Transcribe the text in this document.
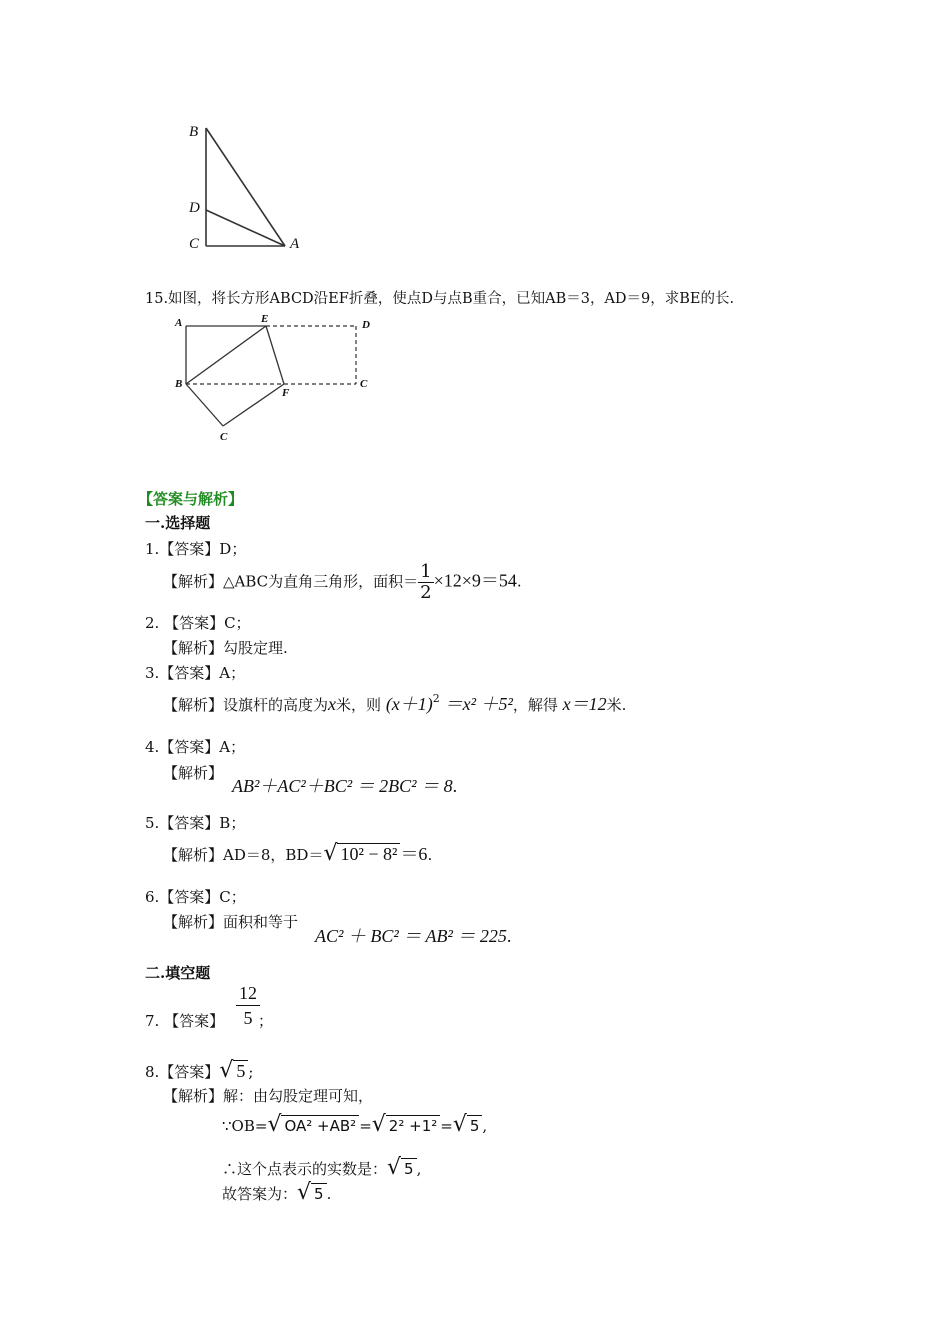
B
D
C	A
15.如图，将长方形ABCD沿EF折叠，使点D与点B重合，已知AB＝3，AD＝9，求BE的长.
A	E	D
B
F
C
C
【答案与解析】
一.选择题
1.【答案】D；
【解析】△ABC为直角三角形，面积＝ $\frac{1}{2} \times 12\times 9=54$.
2. 【答案】C；
【解析】勾股定理.
3.【答案】A；
【解析】设旗杆的高度为x米，则 $(x+1)^2 =x^2 +5^2$，解得 x＝12米.
4.【答案】A；
【解析】
AB²＋AC²＋BC² ＝ 2BC² ＝ 8.
5.【答案】B；
【解析】AD＝8，BD＝√ 10² − 8² ＝6.
6.【答案】C；
【解析】面积和等于
AC² ＋ BC² ＝ AB² ＝ 225.
二.填空题
7. 【答案】
12
5 ；
8.【答案】√ 5 ;
【解析】解：由勾股定理可知，
∵OB=√ OA² +AB² =√ 2² +1² =√ 5 ,
∴这个点表示的实数是：√ 5 ,
故答案为：√ 5 .
